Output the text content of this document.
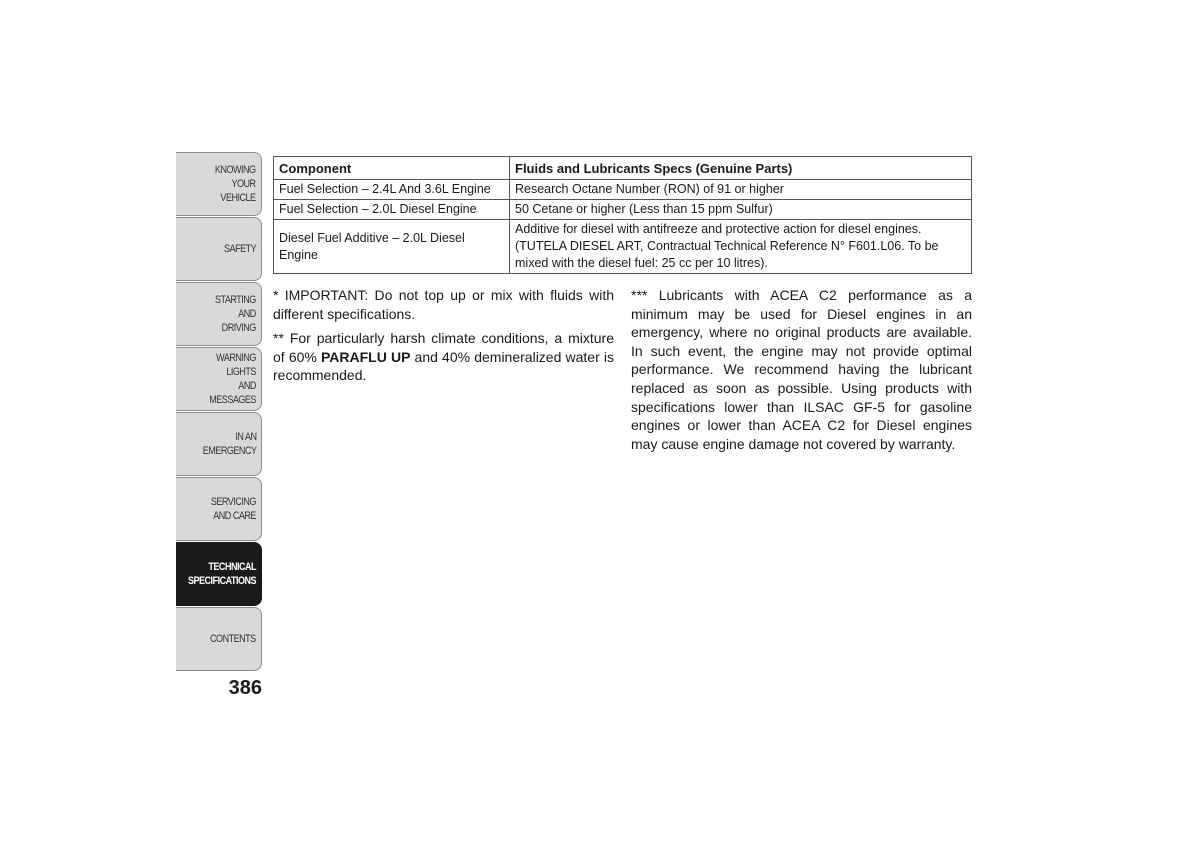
KNOWING
YOUR
VEHICLE
SAFETY
STARTING
AND
DRIVING
WARNING
LIGHTS
AND
MESSAGES
IN AN
EMERGENCY
SERVICING
AND CARE
TECHNICAL
SPECIFICATIONS
CONTENTS
386
Component	Fluids and Lubricants Specs (Genuine Parts)
Fuel Selection – 2.4L And 3.6L Engine	Research Octane Number (RON) of 91 or higher
Fuel Selection – 2.0L Diesel Engine	50 Cetane or higher (Less than 15 ppm Sulfur)
Diesel Fuel Additive – 2.0L Diesel Engine	Additive for diesel with antifreeze and protective action for diesel engines. (TUTELA DIESEL ART, Contractual Technical Reference N° F601.L06. To be mixed with the diesel fuel: 25 cc per 10 litres).

* IMPORTANT: Do not top up or mix with fluids with different specifications.

** For particularly harsh climate conditions, a mixture of 60% PARAFLU UP and 40% demineralized water is recommended.

*** Lubricants with ACEA C2 performance as a minimum may be used for Diesel engines in an emergency, where no original products are available. In such event, the engine may not provide optimal performance. We recommend having the lubricant replaced as soon as possible. Using products with specifications lower than ILSAC GF-5 for gasoline engines or lower than ACEA C2 for Diesel engines may cause engine damage not covered by warranty.
